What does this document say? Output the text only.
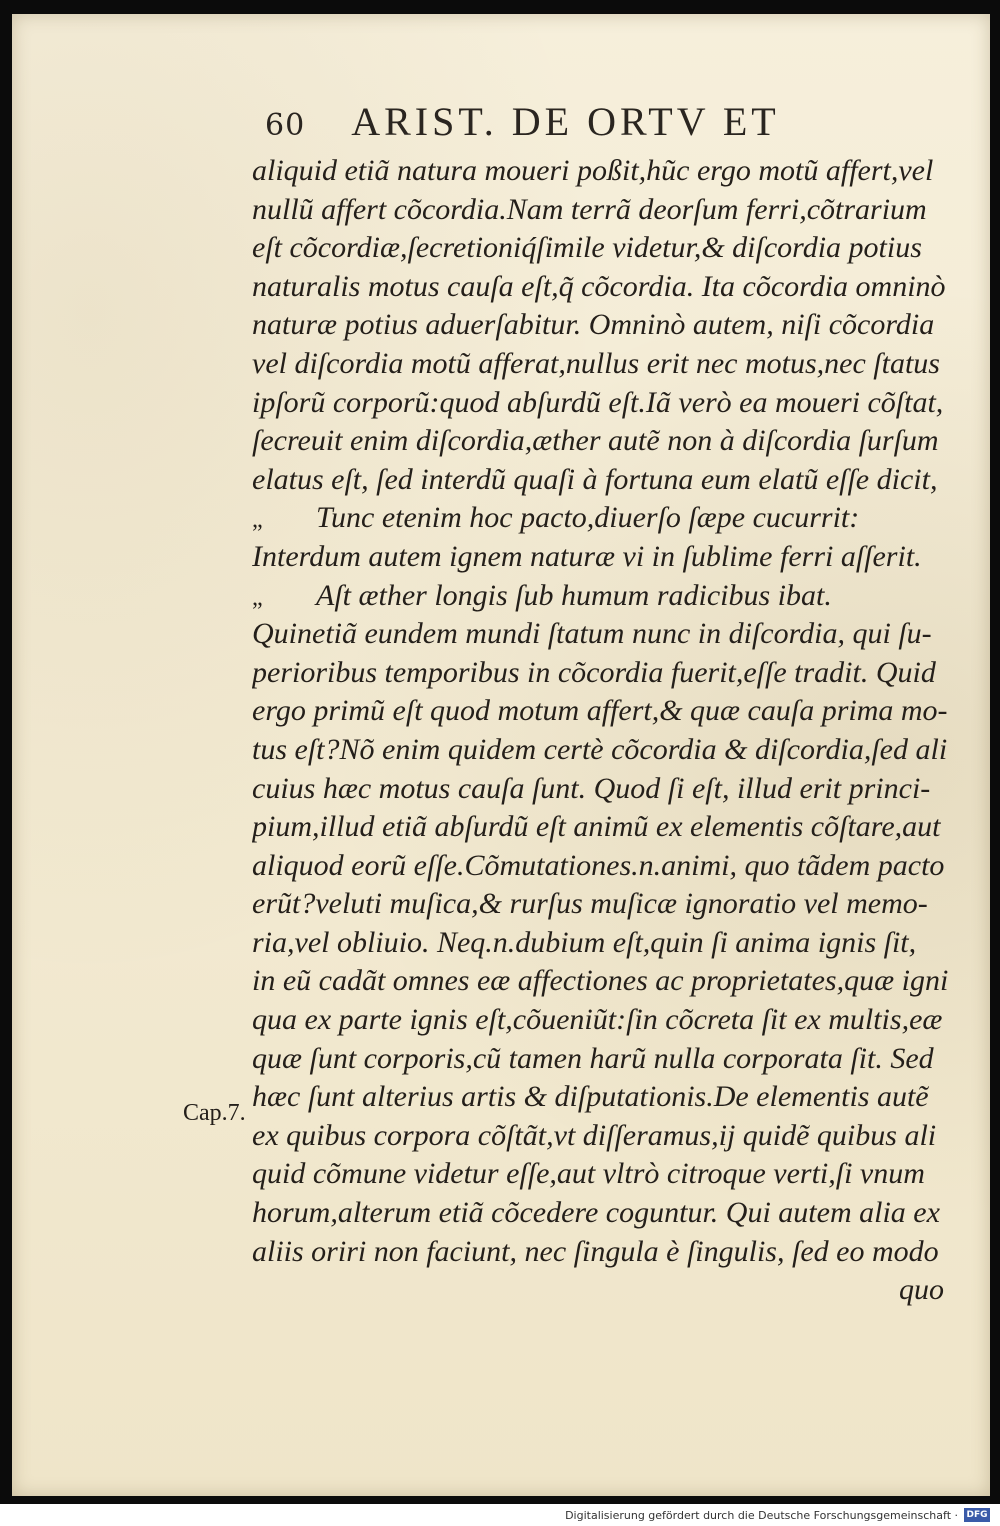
60 ARIST. DE ORTV ET
aliquid etiã natura moueri poßit,hũc ergo motũ affert,vel
nullũ affert cõcordia.Nam terrã deorſum ferri,cõtrarium
eſt cõcordiæ,ſecretioniq́ſimile videtur,& diſcordia potius
naturalis motus cauſa eſt,q̃ cõcordia. Ita cõcordia omninò
naturæ potius aduerſabitur. Omninò autem, niſi cõcordia
vel diſcordia motũ afferat,nullus erit nec motus,nec ſtatus
ipſorũ corporũ:quod abſurdũ eſt.Iã verò ea moueri cõſtat,
ſecreuit enim diſcordia,æther autẽ non à diſcordia ſurſum
elatus eſt, ſed interdũ quaſi à fortuna eum elatũ eſſe dicit,
„ Tunc etenim hoc pacto,diuerſo ſæpe cucurrit:
Interdum autem ignem naturæ vi in ſublime ferri aſſerit.
„ Aſt æther longis ſub humum radicibus ibat.
Quinetiã eundem mundi ſtatum nunc in diſcordia, qui ſu-
perioribus temporibus in cõcordia fuerit,eſſe tradit. Quid
ergo primũ eſt quod motum affert,& quæ cauſa prima mo-
tus eſt?Nõ enim quidem certè cõcordia & diſcordia,ſed ali
cuius hæc motus cauſa ſunt. Quod ſi eſt, illud erit princi-
pium,illud etiã abſurdũ eſt animũ ex elementis cõſtare,aut
aliquod eorũ eſſe.Cõmutationes.n.animi, quo tãdem pacto
erũt?veluti muſica,& rurſus muſicæ ignoratio vel memo-
ria,vel obliuio. Neq.n.dubium eſt,quin ſi anima ignis ſit,
in eũ cadãt omnes eæ affectiones ac proprietates,quæ igni
qua ex parte ignis eſt,cõueniũt:ſin cõcreta ſit ex multis,eæ
quæ ſunt corporis,cũ tamen harũ nulla corporata ſit. Sed
hæc ſunt alterius artis & diſputationis.De elementis autẽ
ex quibus corpora cõſtãt,vt diſſeramus,ij quidẽ quibus ali
quid cõmune videtur eſſe,aut vltrò citroque verti,ſi vnum
horum,alterum etiã cõcedere coguntur. Qui autem alia ex
aliis oriri non faciunt, nec ſingula è ſingulis, ſed eo modo
quo
Cap.7.
Digitalisierung gefördert durch die Deutsche Forschungsgemeinschaft · DFG
